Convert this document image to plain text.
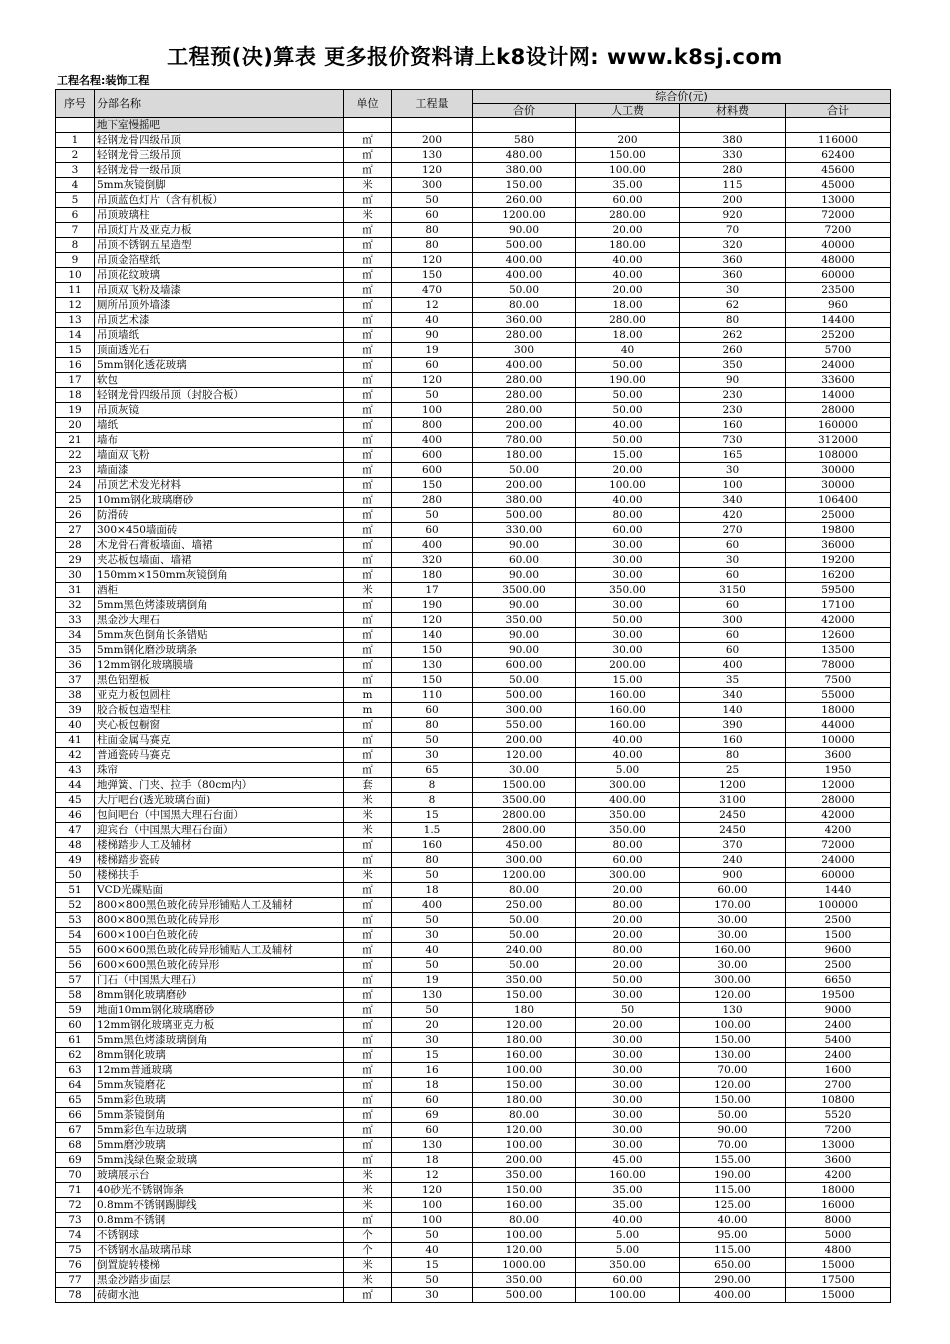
工程预(决)算表 更多报价资料请上k8设计网: www.k8sj.com
工程名程:装饰工程
序号	分部名称	单位	工程量	综合价(元)			
				合价	人工费	材料费	合计
	地下室慢摇吧						
1	轻钢龙骨四级吊顶	㎡	200	580	200	380	116000
2	轻钢龙骨三级吊顶	㎡	130	480.00	150.00	330	62400
3	轻钢龙骨一级吊顶	㎡	120	380.00	100.00	280	45600
4	5mm灰镜倒脚	米	300	150.00	35.00	115	45000
5	吊顶蓝色灯片（含有机板）	㎡	50	260.00	60.00	200	13000
6	吊顶玻璃柱	米	60	1200.00	280.00	920	72000
7	吊顶灯片及亚克力板	㎡	80	90.00	20.00	70	7200
8	吊顶不锈钢五星造型	㎡	80	500.00	180.00	320	40000
9	吊顶金箔壁纸	㎡	120	400.00	40.00	360	48000
10	吊顶花纹玻璃	㎡	150	400.00	40.00	360	60000
11	吊顶双飞粉及墙漆	㎡	470	50.00	20.00	30	23500
12	厕所吊顶外墙漆	㎡	12	80.00	18.00	62	960
13	吊顶艺术漆	㎡	40	360.00	280.00	80	14400
14	吊顶墙纸	㎡	90	280.00	18.00	262	25200
15	顶面透光石	㎡	19	300	40	260	5700
16	5mm钢化透花玻璃	㎡	60	400.00	50.00	350	24000
17	软包	㎡	120	280.00	190.00	90	33600
18	轻钢龙骨四级吊顶（封胶合板）	㎡	50	280.00	50.00	230	14000
19	吊顶灰镜	㎡	100	280.00	50.00	230	28000
20	墙纸	㎡	800	200.00	40.00	160	160000
21	墙布	㎡	400	780.00	50.00	730	312000
22	墙面双飞粉	㎡	600	180.00	15.00	165	108000
23	墙面漆	㎡	600	50.00	20.00	30	30000
24	吊顶艺术发光材料	㎡	150	200.00	100.00	100	30000
25	10mm钢化玻璃磨砂	㎡	280	380.00	40.00	340	106400
26	防滑砖	㎡	50	500.00	80.00	420	25000
27	300×450墙面砖	㎡	60	330.00	60.00	270	19800
28	木龙骨石膏板墙面、墙裙	㎡	400	90.00	30.00	60	36000
29	夹芯板包墙面、墙裙	㎡	320	60.00	30.00	30	19200
30	150mm×150mm灰镜倒角	㎡	180	90.00	30.00	60	16200
31	酒柜	米	17	3500.00	350.00	3150	59500
32	5mm黑色烤漆玻璃倒角	㎡	190	90.00	30.00	60	17100
33	黑金沙大理石	㎡	120	350.00	50.00	300	42000
34	5mm灰色倒角长条错贴	㎡	140	90.00	30.00	60	12600
35	5mm钢化磨沙玻璃条	㎡	150	90.00	30.00	60	13500
36	12mm钢化玻璃膜墙	㎡	130	600.00	200.00	400	78000
37	黑色铝塑板	㎡	150	50.00	15.00	35	7500
38	亚克力板包圆柱	m	110	500.00	160.00	340	55000
39	胶合板包造型柱	m	60	300.00	160.00	140	18000
40	夹心板包橱窗	㎡	80	550.00	160.00	390	44000
41	柱面金属马赛克	㎡	50	200.00	40.00	160	10000
42	普通瓷砖马赛克	㎡	30	120.00	40.00	80	3600
43	珠帘	㎡	65	30.00	5.00	25	1950
44	地弹簧、门夹、拉手（80cm内）	套	8	1500.00	300.00	1200	12000
45	大厅吧台(透光玻璃台面)	米	8	3500.00	400.00	3100	28000
46	包间吧台（中国黑大理石台面）	米	15	2800.00	350.00	2450	42000
47	迎宾台（中国黑大理石台面）	米	1.5	2800.00	350.00	2450	4200
48	楼梯踏步人工及辅材	㎡	160	450.00	80.00	370	72000
49	楼梯踏步瓷砖	㎡	80	300.00	60.00	240	24000
50	楼梯扶手	米	50	1200.00	300.00	900	60000
51	VCD光碟贴面	㎡	18	80.00	20.00	60.00	1440
52	800×800黑色玻化砖异形铺贴人工及辅材	㎡	400	250.00	80.00	170.00	100000
53	800×800黑色玻化砖异形	㎡	50	50.00	20.00	30.00	2500
54	600×100白色玻化砖	㎡	30	50.00	20.00	30.00	1500
55	600×600黑色玻化砖异形铺贴人工及辅材	㎡	40	240.00	80.00	160.00	9600
56	600×600黑色玻化砖异形	㎡	50	50.00	20.00	30.00	2500
57	门石（中国黑大理石）	㎡	19	350.00	50.00	300.00	6650
58	8mm钢化玻璃磨砂	㎡	130	150.00	30.00	120.00	19500
59	地面10mm钢化玻璃磨砂	㎡	50	180	50	130	9000
60	12mm钢化玻璃亚克力板	㎡	20	120.00	20.00	100.00	2400
61	5mm黑色烤漆玻璃倒角	㎡	30	180.00	30.00	150.00	5400
62	8mm钢化玻璃	㎡	15	160.00	30.00	130.00	2400
63	12mm普通玻璃	㎡	16	100.00	30.00	70.00	1600
64	5mm灰镜磨花	㎡	18	150.00	30.00	120.00	2700
65	5mm彩色玻璃	㎡	60	180.00	30.00	150.00	10800
66	5mm茶镜倒角	㎡	69	80.00	30.00	50.00	5520
67	5mm彩色车边玻璃	㎡	60	120.00	30.00	90.00	7200
68	5mm磨沙玻璃	㎡	130	100.00	30.00	70.00	13000
69	5mm浅绿色聚金玻璃	㎡	18	200.00	45.00	155.00	3600
70	玻璃展示台	米	12	350.00	160.00	190.00	4200
71	40砂光不锈钢饰条	米	120	150.00	35.00	115.00	18000
72	0.8mm不锈钢踢脚线	米	100	160.00	35.00	125.00	16000
73	0.8mm不锈钢	㎡	100	80.00	40.00	40.00	8000
74	不锈钢球	个	50	100.00	5.00	95.00	5000
75	不锈钢水晶玻璃吊球	个	40	120.00	5.00	115.00	4800
76	倒置旋转楼梯	米	15	1000.00	350.00	650.00	15000
77	黑金沙踏步面层	米	50	350.00	60.00	290.00	17500
78	砖砌水池	㎡	30	500.00	100.00	400.00	15000
